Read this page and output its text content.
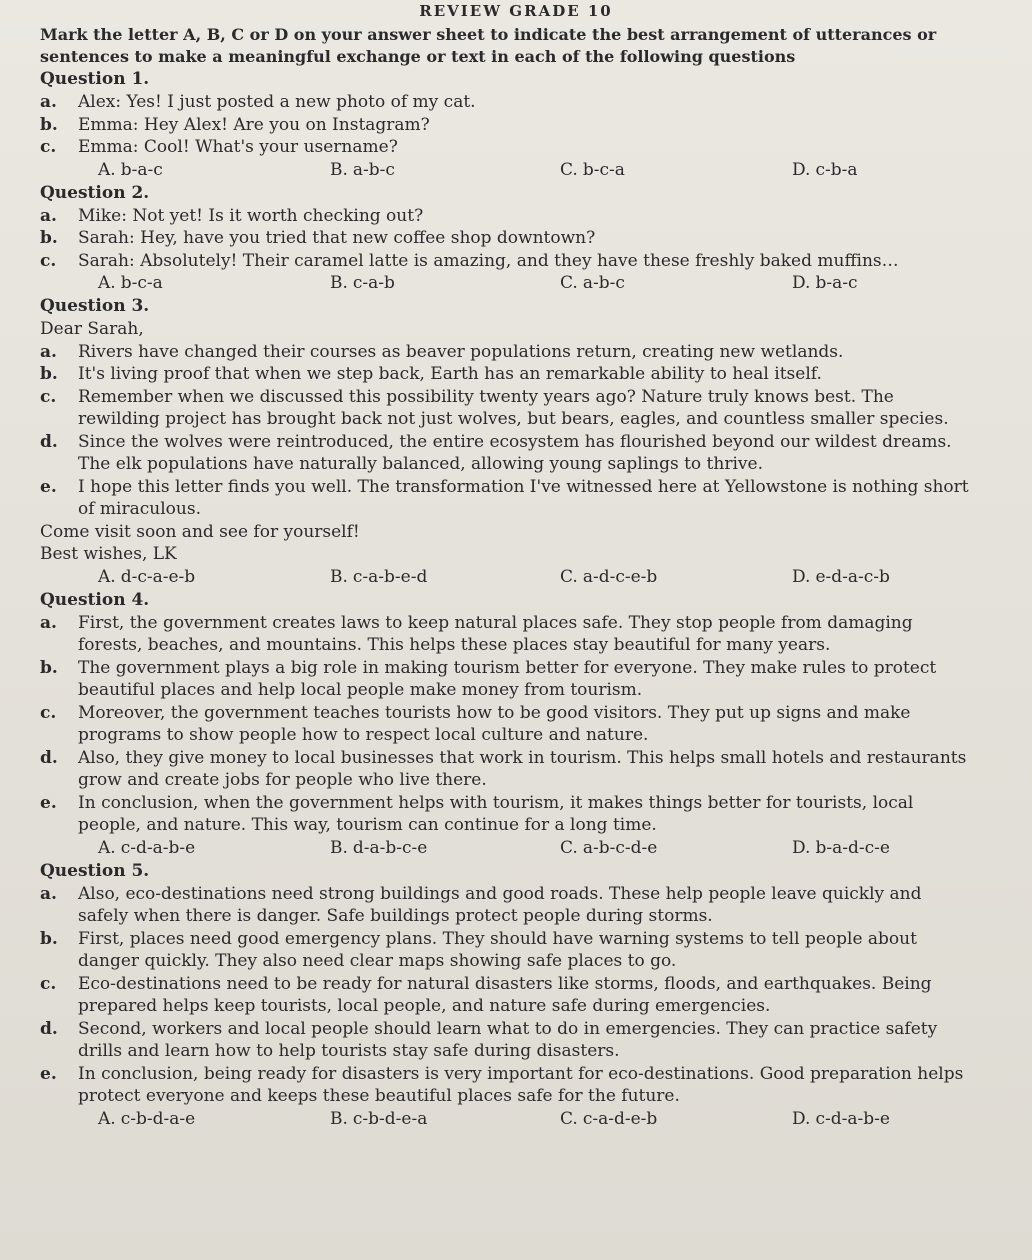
REVIEW GRADE 10
Mark the letter A, B, C or D on your answer sheet to indicate the best arrangement of utterances or sentences to make a meaningful exchange or text in each of the following questions
Question 1.
a.	Alex: Yes! I just posted a new photo of my cat.
b.	Emma: Hey Alex! Are you on Instagram?
c.	Emma: Cool! What's your username?
A. b-a-c	B. a-b-c	C. b-c-a	D. c-b-a
Question 2.
a.	Mike: Not yet! Is it worth checking out?
b.	Sarah: Hey, have you tried that new coffee shop downtown?
c.	Sarah: Absolutely! Their caramel latte is amazing, and they have these freshly baked muffins…
A. b-c-a	B. c-a-b	C. a-b-c	D. b-a-c
Question 3.
Dear Sarah,
a.	Rivers have changed their courses as beaver populations return, creating new wetlands.
b.	It's living proof that when we step back, Earth has an remarkable ability to heal itself.
c.	Remember when we discussed this possibility twenty years ago? Nature truly knows best. The rewilding project has brought back not just wolves, but bears, eagles, and countless smaller species.
d.	Since the wolves were reintroduced, the entire ecosystem has flourished beyond our wildest dreams. The elk populations have naturally balanced, allowing young saplings to thrive.
e.	I hope this letter finds you well. The transformation I've witnessed here at Yellowstone is nothing short of miraculous.
Come visit soon and see for yourself!
Best wishes, LK
A. d-c-a-e-b	B. c-a-b-e-d	C. a-d-c-e-b	D. e-d-a-c-b
Question 4.
a.	First, the government creates laws to keep natural places safe. They stop people from damaging forests, beaches, and mountains. This helps these places stay beautiful for many years.
b.	The government plays a big role in making tourism better for everyone. They make rules to protect beautiful places and help local people make money from tourism.
c.	Moreover, the government teaches tourists how to be good visitors. They put up signs and make programs to show people how to respect local culture and nature.
d.	Also, they give money to local businesses that work in tourism. This helps small hotels and restaurants grow and create jobs for people who live there.
e.	In conclusion, when the government helps with tourism, it makes things better for tourists, local people, and nature. This way, tourism can continue for a long time.
A. c-d-a-b-e	B. d-a-b-c-e	C. a-b-c-d-e	D. b-a-d-c-e
Question 5.
a.	Also, eco-destinations need strong buildings and good roads. These help people leave quickly and safely when there is danger. Safe buildings protect people during storms.
b.	First, places need good emergency plans. They should have warning systems to tell people about danger quickly. They also need clear maps showing safe places to go.
c.	Eco-destinations need to be ready for natural disasters like storms, floods, and earthquakes. Being prepared helps keep tourists, local people, and nature safe during emergencies.
d.	Second, workers and local people should learn what to do in emergencies. They can practice safety drills and learn how to help tourists stay safe during disasters.
e.	In conclusion, being ready for disasters is very important for eco-destinations. Good preparation helps protect everyone and keeps these beautiful places safe for the future.
A. c-b-d-a-e	B. c-b-d-e-a	C. c-a-d-e-b	D. c-d-a-b-e
